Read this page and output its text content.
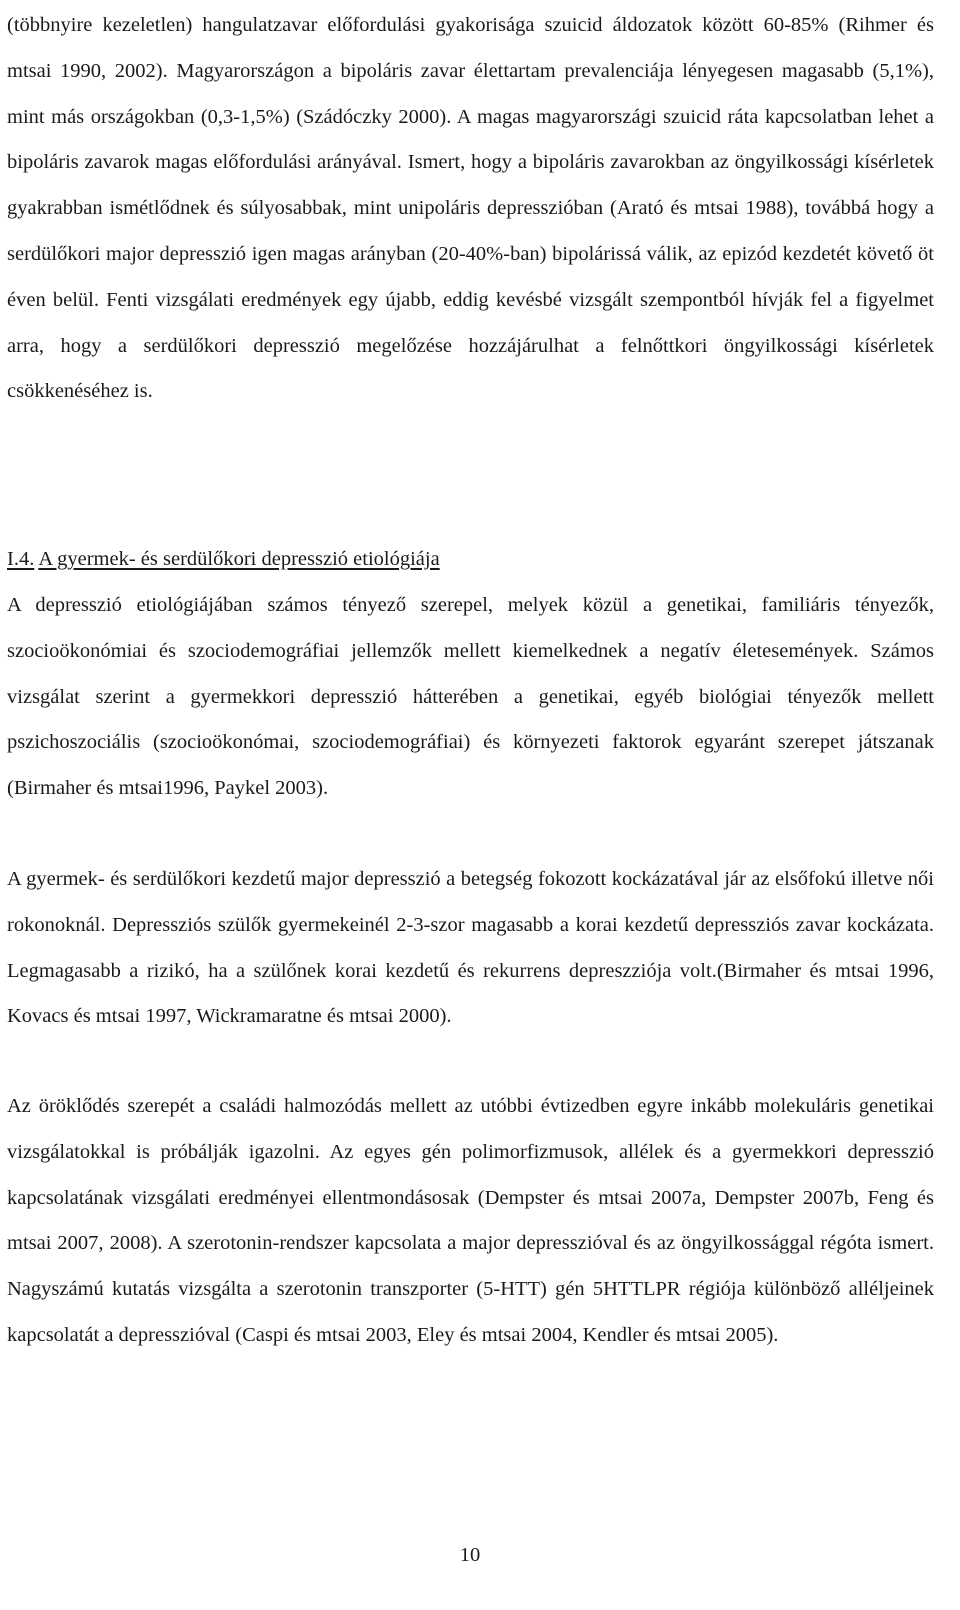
(többnyire kezeletlen) hangulatzavar előfordulási gyakorisága szuicid áldozatok között 60-85% (Rihmer és mtsai 1990, 2002). Magyarországon a bipoláris zavar élettartam prevalenciája lényegesen magasabb (5,1%), mint más országokban (0,3-1,5%) (Szádóczky 2000). A magas magyarországi szuicid ráta kapcsolatban lehet a bipoláris zavarok magas előfordulási arányával. Ismert, hogy a bipoláris zavarokban az öngyilkossági kísérletek gyakrabban ismétlődnek és súlyosabbak, mint unipoláris depresszióban (Arató és mtsai 1988), továbbá hogy a serdülőkori major depresszió igen magas arányban (20-40%-ban) bipolárissá válik, az epizód kezdetét követő öt éven belül. Fenti vizsgálati eredmények egy újabb, eddig kevésbé vizsgált szempontból hívják fel a figyelmet arra, hogy a serdülőkori depresszió megelőzése hozzájárulhat a felnőttkori öngyilkossági kísérletek csökkenéséhez is.

I.4. A gyermek- és serdülőkori depresszió etiológiája

A depresszió etiológiájában számos tényező szerepel, melyek közül a genetikai, familiáris tényezők, szocioökonómiai és szociodemográfiai jellemzők mellett kiemelkednek a negatív életesemények. Számos vizsgálat szerint a gyermekkori depresszió hátterében a genetikai, egyéb biológiai tényezők mellett pszichoszociális (szocioökonómai, szociodemográfiai) és környezeti faktorok egyaránt szerepet játszanak (Birmaher és mtsai1996, Paykel 2003).

A gyermek- és serdülőkori kezdetű major depresszió a betegség fokozott kockázatával jár az elsőfokú illetve női rokonoknál. Depressziós szülők gyermekeinél 2-3-szor magasabb a korai kezdetű depressziós zavar kockázata. Legmagasabb a rizikó, ha a szülőnek korai kezdetű és rekurrens depreszziója volt.(Birmaher és mtsai 1996, Kovacs és mtsai 1997, Wickramaratne és mtsai 2000).

Az öröklődés szerepét a családi halmozódás mellett az utóbbi évtizedben egyre inkább molekuláris genetikai vizsgálatokkal is próbálják igazolni. Az egyes gén polimorfizmusok, allélek és a gyermekkori depresszió kapcsolatának vizsgálati eredményei ellentmondásosak (Dempster és mtsai 2007a, Dempster 2007b, Feng és mtsai 2007, 2008). A szerotonin-rendszer kapcsolata a major depresszióval és az öngyilkossággal régóta ismert. Nagyszámú kutatás vizsgálta a szerotonin transzporter (5-HTT) gén 5HTTLPR régiója különböző alléljeinek kapcsolatát a depresszióval (Caspi és mtsai 2003, Eley és mtsai 2004, Kendler és mtsai 2005).

10
